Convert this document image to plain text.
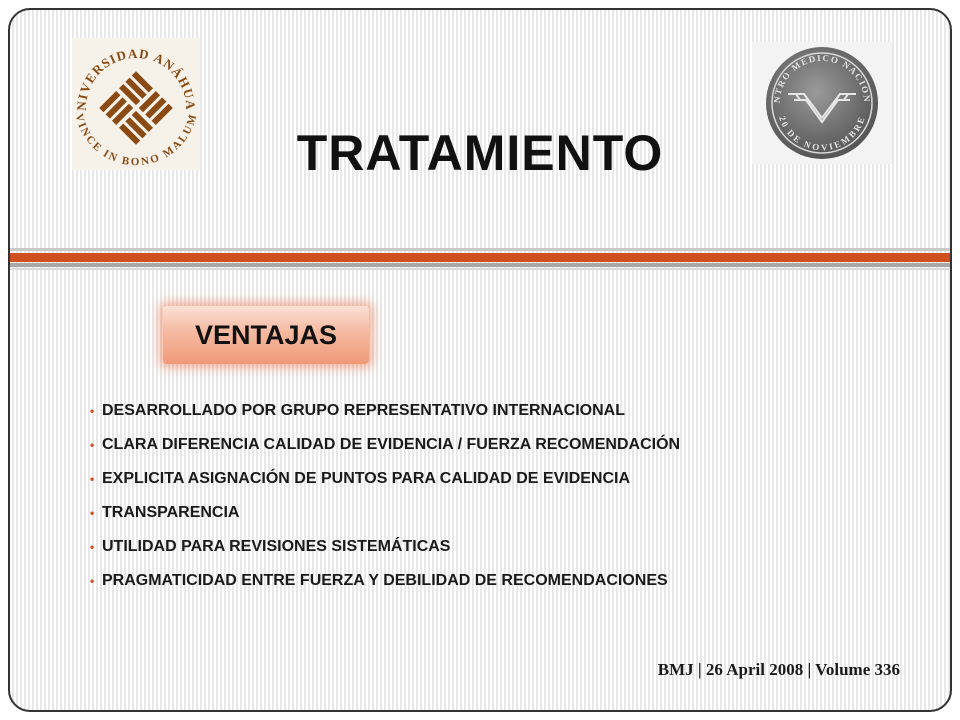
NIVERSIDAD ANÁHUA
VINCE IN BONO MALUM
NTRO MEDICO NACION
20 DE NOVIEMBRE
TRATAMIENTO
VENTAJAS
• DESARROLLADO POR GRUPO REPRESENTATIVO INTERNACIONAL
• CLARA DIFERENCIA CALIDAD DE EVIDENCIA / FUERZA RECOMENDACIÓN
• EXPLICITA ASIGNACIÓN DE PUNTOS PARA CALIDAD DE EVIDENCIA
• TRANSPARENCIA
• UTILIDAD PARA REVISIONES SISTEMÁTICAS
• PRAGMATICIDAD ENTRE FUERZA Y DEBILIDAD DE RECOMENDACIONES

BMJ | 26 April 2008 | Volume 336
